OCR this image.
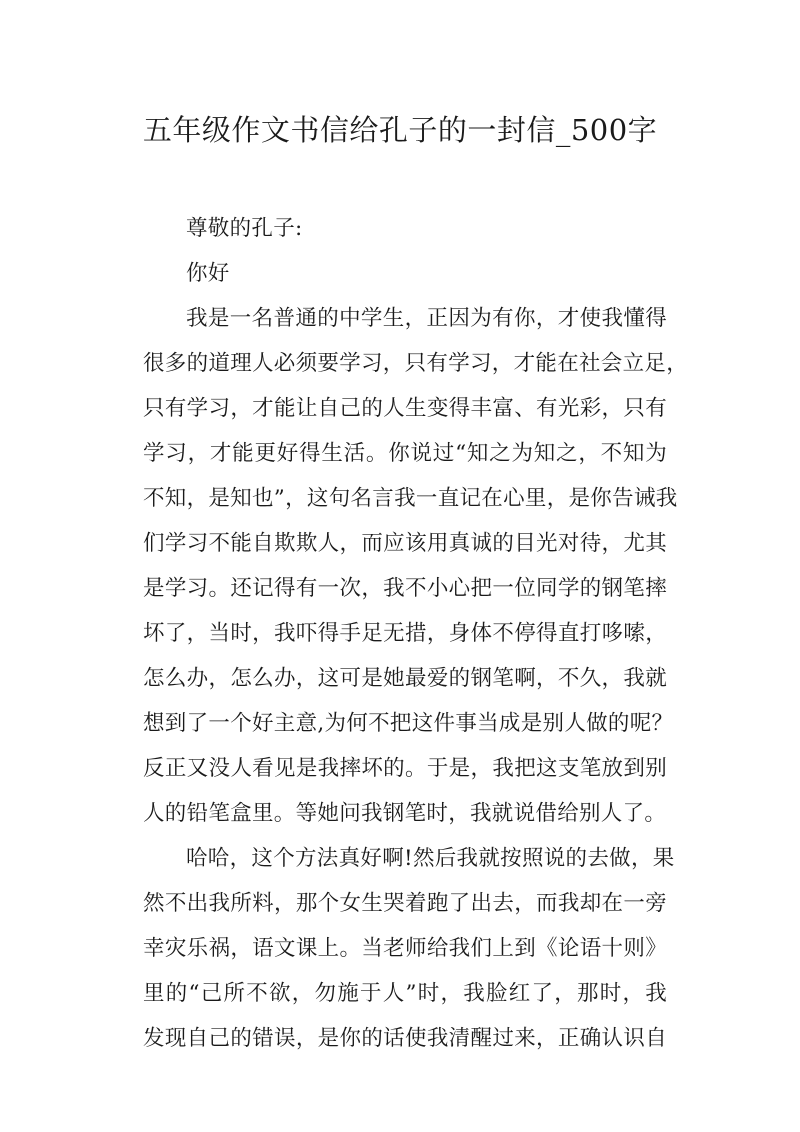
五年级作文书信给孔子的一封信_500字
尊敬的孔子:
你好
我是一名普通的中学生，正因为有你，才使我懂得
很多的道理人必须要学习，只有学习，才能在社会立足，
只有学习，才能让自己的人生变得丰富、有光彩，只有
学习，才能更好得生活。你说过“知之为知之，不知为
不知，是知也”，这句名言我一直记在心里，是你告诫我
们学习不能自欺欺人，而应该用真诚的目光对待，尤其
是学习。还记得有一次，我不小心把一位同学的钢笔摔
坏了，当时，我吓得手足无措，身体不停得直打哆嗦，
怎么办，怎么办，这可是她最爱的钢笔啊，不久，我就
想到了一个好主意,为何不把这件事当成是别人做的呢？
反正又没人看见是我摔坏的。于是，我把这支笔放到别
人的铅笔盒里。等她问我钢笔时，我就说借给别人了。
哈哈，这个方法真好啊!然后我就按照说的去做，果
然不出我所料，那个女生哭着跑了出去，而我却在一旁
幸灾乐祸，语文课上。当老师给我们上到《论语十则》
里的“己所不欲，勿施于人”时，我脸红了，那时，我
发现自己的错误，是你的话使我清醒过来，正确认识自
